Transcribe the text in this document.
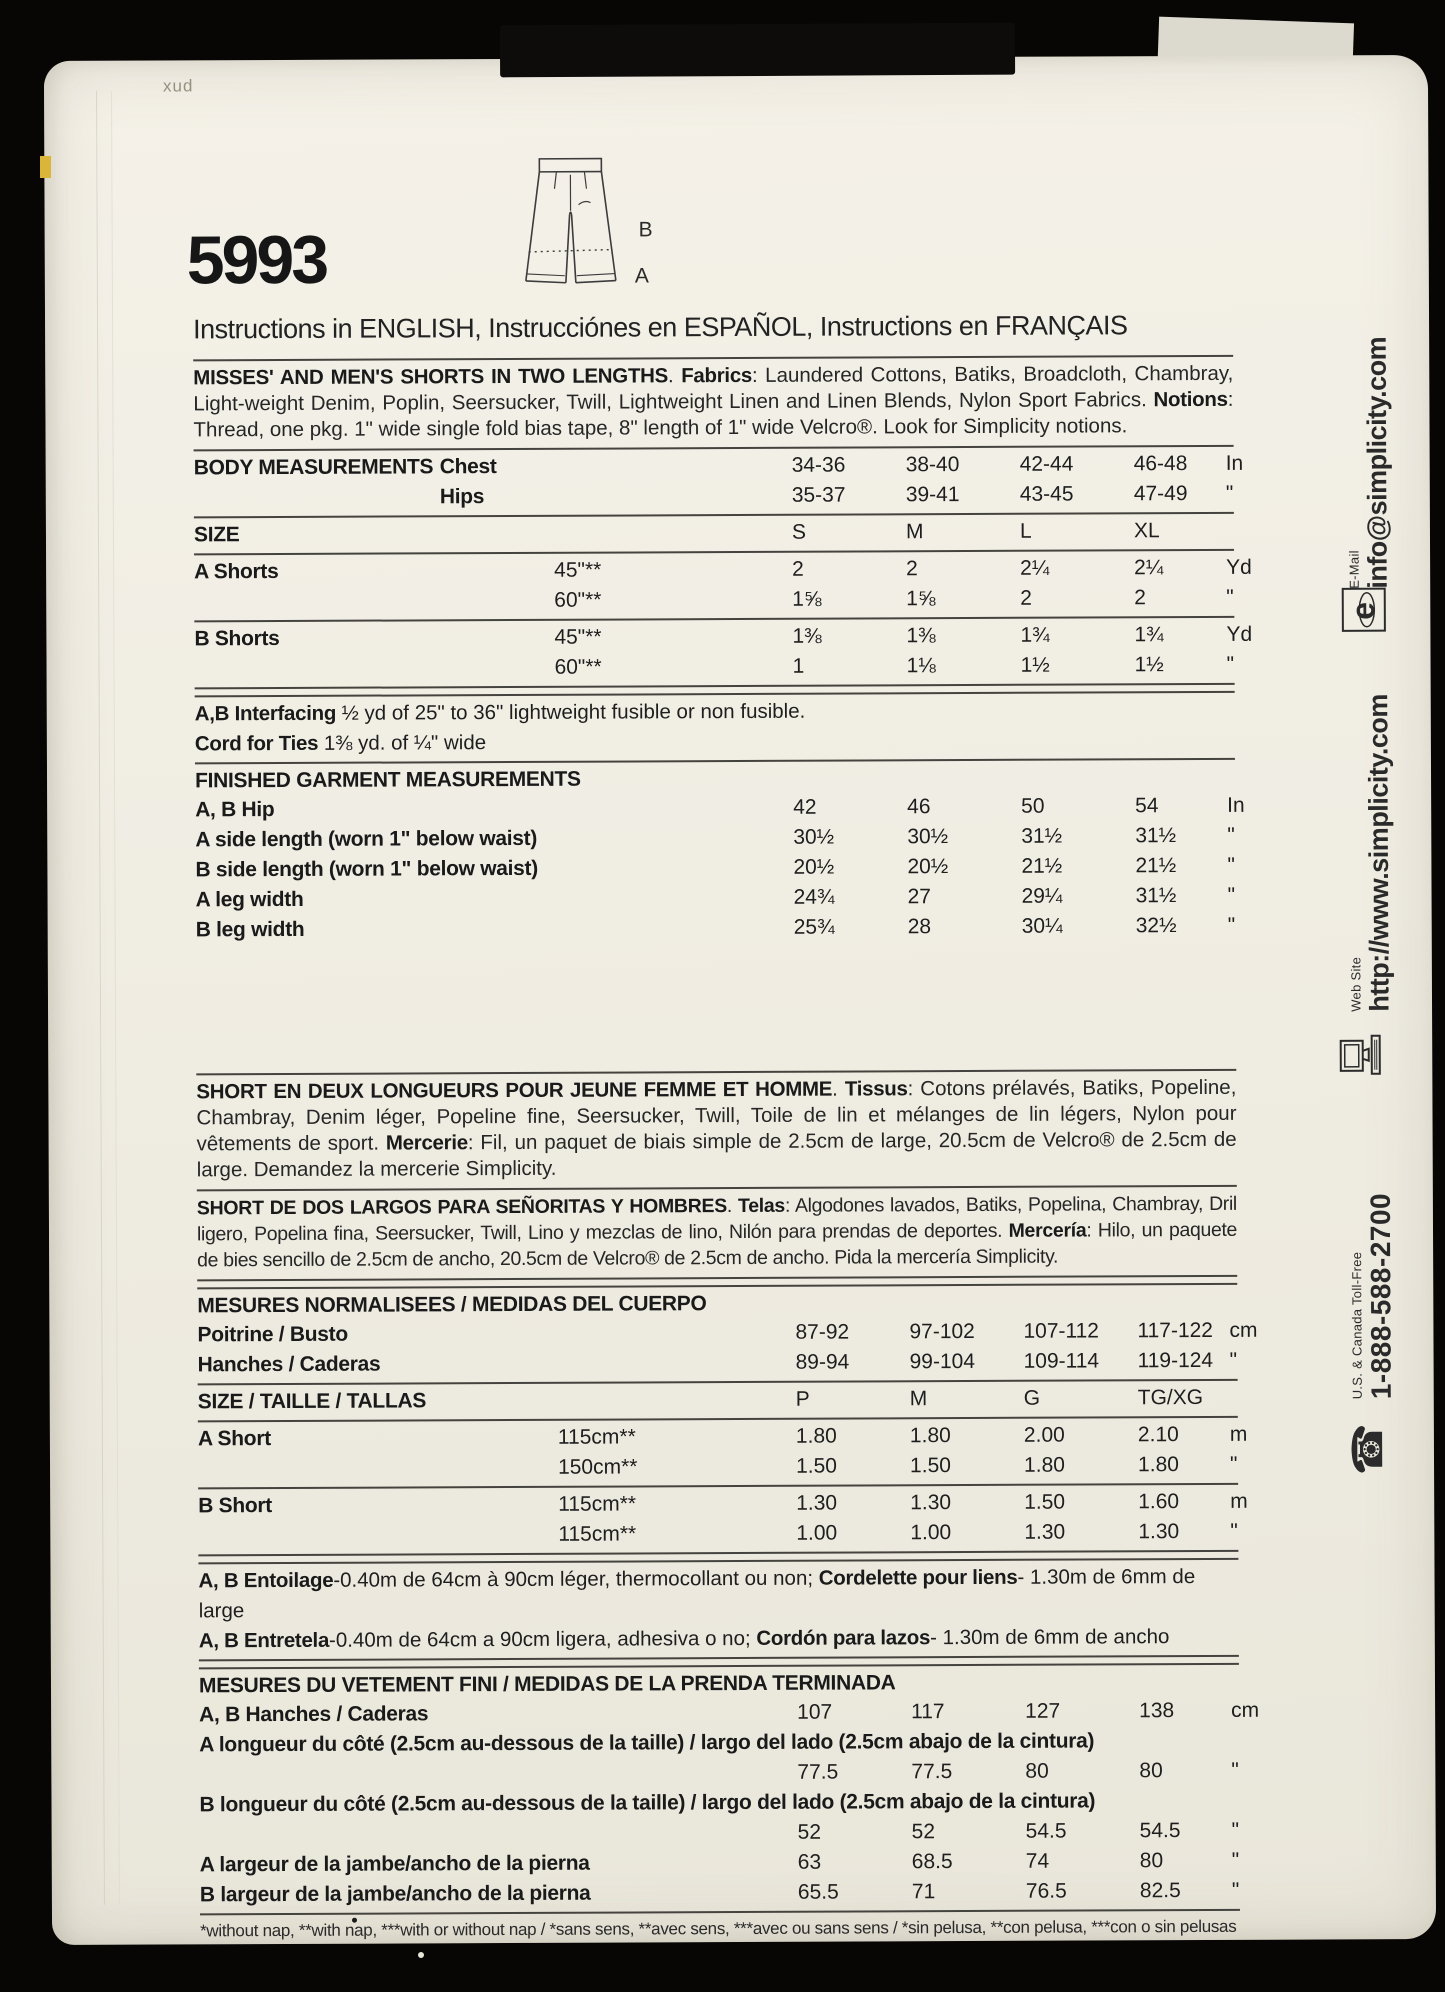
xud
B
A
5993
Instructions in ENGLISH, Instrucciónes en ESPAÑOL, Instructions en FRANÇAIS

MISSES' AND MEN'S SHORTS IN TWO LENGTHS. Fabrics: Laundered Cottons, Batiks, Broadcloth, Chambray, Light-weight Denim, Poplin, Seersucker, Twill, Lightweight Linen and Linen Blends, Nylon Sport Fabrics. Notions: Thread, one pkg. 1" wide single fold bias tape, 8" length of 1" wide Velcro®. Look for Simplicity notions.

BODY MEASUREMENTS Chest	34-36	38-40	42-44	46-48	In
Hips	35-37	39-41	43-45	47-49	"
SIZE	S	M	L	XL
A Shorts	45"**	2	2	2¼	2¼	Yd
60"**	1⅝	1⅝	2	2	"
B Shorts	45"**	1⅜	1⅜	1¾	1¾	Yd
60"**	1	1⅛	1½	1½	"
A,B Interfacing ½ yd of 25" to 36" lightweight fusible or non fusible.
Cord for Ties 1⅜ yd. of ¼" wide
FINISHED GARMENT MEASUREMENTS
A, B Hip	42	46	50	54	In
A side length (worn 1" below waist)	30½	30½	31½	31½	"
B side length (worn 1" below waist)	20½	20½	21½	21½	"
A leg width	24¾	27	29¼	31½	"
B leg width	25¾	28	30¼	32½	"

SHORT EN DEUX LONGUEURS POUR JEUNE FEMME ET HOMME. Tissus: Cotons prélavés, Batiks, Popeline, Chambray, Denim léger, Popeline fine, Seersucker, Twill, Toile de lin et mélanges de lin légers, Nylon pour vêtements de sport. Mercerie: Fil, un paquet de biais simple de 2.5cm de large, 20.5cm de Velcro® de 2.5cm de large. Demandez la mercerie Simplicity.

SHORT DE DOS LARGOS PARA SEÑORITAS Y HOMBRES. Telas: Algodones lavados, Batiks, Popelina, Chambray, Dril ligero, Popelina fina, Seersucker, Twill, Lino y mezclas de lino, Nilón para prendas de deportes. Mercería: Hilo, un paquete de bies sencillo de 2.5cm de ancho, 20.5cm de Velcro® de 2.5cm de ancho. Pida la mercería Simplicity.

MESURES NORMALISEES / MEDIDAS DEL CUERPO
Poitrine / Busto	87-92	97-102	107-112	117-122 cm
Hanches / Caderas	89-94	99-104	109-114	119-124 "
SIZE / TAILLE / TALLAS	P	M	G	TG/XG
A Short	115cm**	1.80	1.80	2.00	2.10	m
150cm**	1.50	1.50	1.80	1.80	"
B Short	115cm**	1.30	1.30	1.50	1.60	m
115cm**	1.00	1.00	1.30	1.30	"
A, B Entoilage-0.40m de 64cm à 90cm léger, thermocollant ou non; Cordelette pour liens- 1.30m de 6mm de large
A, B Entretela-0.40m de 64cm a 90cm ligera, adhesiva o no; Cordón para lazos- 1.30m de 6mm de ancho
MESURES DU VETEMENT FINI / MEDIDAS DE LA PRENDA TERMINADA
A, B Hanches / Caderas	107	117	127	138	cm
A longueur du côté (2.5cm au-dessous de la taille) / largo del lado (2.5cm abajo de la cintura)
77.5	77.5	80	80	"
B longueur du côté (2.5cm au-dessous de la taille) / largo del lado (2.5cm abajo de la cintura)
52	52	54.5	54.5	"
A largeur de la jambe/ancho de la pierna	63	68.5	74	80	"
B largeur de la jambe/ancho de la pierna	65.5	71	76.5	82.5	"
*without nap, **with nap, ***with or without nap / *sans sens, **avec sens, ***avec ou sans sens / *sin pelusa, **con pelusa, ***con o sin pelusas
E-Mail info@simplicity.com
e
Web Site http://www.simplicity.com
U.S. & Canada Toll-Free 1-888-588-2700
☎
